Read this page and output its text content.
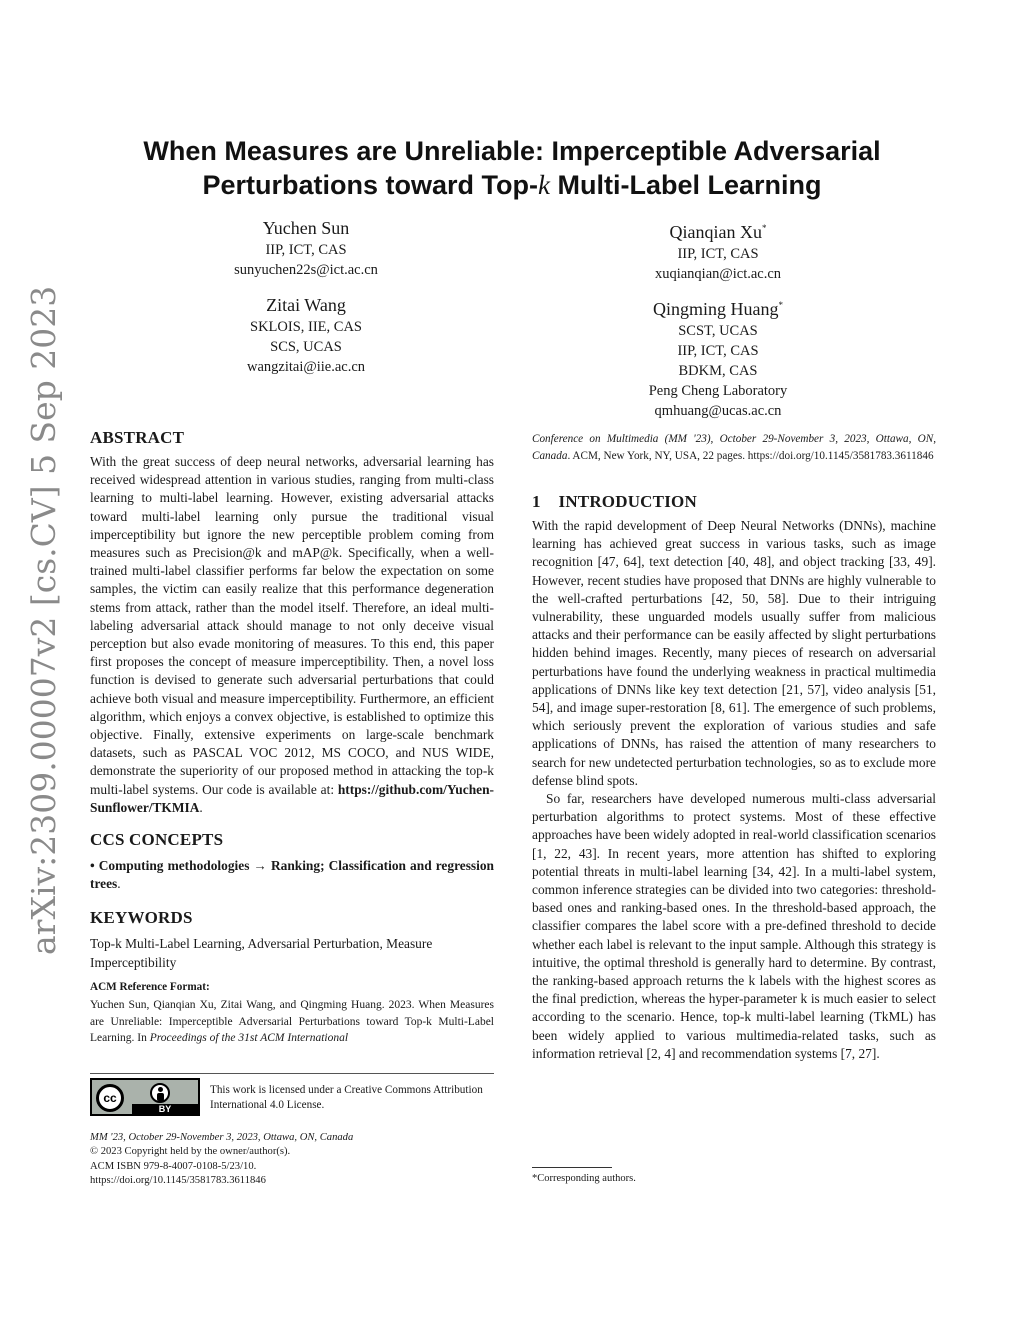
arXiv:2309.00007v2 [cs.CV] 5 Sep 2023
When Measures are Unreliable: Imperceptible Adversarial
Perturbations toward Top-k Multi-Label Learning
Yuchen Sun
IIP, ICT, CAS
sunyuchen22s@ict.ac.cn
Qianqian Xu*
IIP, ICT, CAS
xuqianqian@ict.ac.cn
Zitai Wang
SKLOIS, IIE, CAS
SCS, UCAS
wangzitai@iie.ac.cn
Qingming Huang*
SCST, UCAS
IIP, ICT, CAS
BDKM, CAS
Peng Cheng Laboratory
qmhuang@ucas.ac.cn
ABSTRACT

With the great success of deep neural networks, adversarial learning has received widespread attention in various studies, ranging from multi-class learning to multi-label learning. However, existing adversarial attacks toward multi-label learning only pursue the traditional visual imperceptibility but ignore the new perceptible problem coming from measures such as Precision@k and mAP@k. Specifically, when a well-trained multi-label classifier performs far below the expectation on some samples, the victim can easily realize that this performance degeneration stems from attack, rather than the model itself. Therefore, an ideal multi-labeling adversarial attack should manage to not only deceive visual perception but also evade monitoring of measures. To this end, this paper first proposes the concept of measure imperceptibility. Then, a novel loss function is devised to generate such adversarial perturbations that could achieve both visual and measure imperceptibility. Furthermore, an efficient algorithm, which enjoys a convex objective, is established to optimize this objective. Finally, extensive experiments on large-scale benchmark datasets, such as PASCAL VOC 2012, MS COCO, and NUS WIDE, demonstrate the superiority of our proposed method in attacking the top-k multi-label systems. Our code is available at: https://github.com/Yuchen-Sunflower/TKMIA.

CCS CONCEPTS

• Computing methodologies → Ranking; Classification and regression trees.

KEYWORDS

Top-k Multi-Label Learning, Adversarial Perturbation, Measure Imperceptibility

ACM Reference Format:

Yuchen Sun, Qianqian Xu, Zitai Wang, and Qingming Huang. 2023. When Measures are Unreliable: Imperceptible Adversarial Perturbations toward Top-k Multi-Label Learning. In Proceedings of the 31st ACM International

cc
BY
This work is licensed under a Creative Commons Attribution International 4.0 License.
MM '23, October 29-November 3, 2023, Ottawa, ON, Canada
© 2023 Copyright held by the owner/author(s).
ACM ISBN 979-8-4007-0108-5/23/10.
https://doi.org/10.1145/3581783.3611846

Conference on Multimedia (MM '23), October 29-November 3, 2023, Ottawa, ON, Canada. ACM, New York, NY, USA, 22 pages. https://doi.org/10.1145/3581783.3611846

1    INTRODUCTION

With the rapid development of Deep Neural Networks (DNNs), machine learning has achieved great success in various tasks, such as image recognition [47, 64], text detection [40, 48], and object tracking [33, 49]. However, recent studies have proposed that DNNs are highly vulnerable to the well-crafted perturbations [42, 50, 58]. Due to their intriguing vulnerability, these unguarded models usually suffer from malicious attacks and their performance can be easily affected by slight perturbations hidden behind images. Recently, many pieces of research on adversarial perturbations have found the underlying weakness in practical multimedia applications of DNNs like key text detection [21, 57], video analysis [51, 54], and image super-restoration [8, 61]. The emergence of such problems, which seriously prevent the exploration of various studies and safe applications of DNNs, has raised the attention of many researchers to search for new undetected perturbation technologies, so as to exclude more defense blind spots.

So far, researchers have developed numerous multi-class adversarial perturbation algorithms to protect systems. Most of these effective approaches have been widely adopted in real-world classification scenarios [1, 22, 43]. In recent years, more attention has shifted to exploring potential threats in multi-label learning [34, 42]. In a multi-label system, common inference strategies can be divided into two categories: threshold-based ones and ranking-based ones. In the threshold-based approach, the classifier compares the label score with a pre-defined threshold to decide whether each label is relevant to the input sample. Although this strategy is intuitive, the optimal threshold is generally hard to determine. By contrast, the ranking-based approach returns the k labels with the highest scores as the final prediction, whereas the hyper-parameter k is much easier to select according to the scenario. Hence, top-k multi-label learning (TkML) has been widely applied to various multimedia-related tasks, such as information retrieval [2, 4] and recommendation systems [7, 27].

*Corresponding authors.
